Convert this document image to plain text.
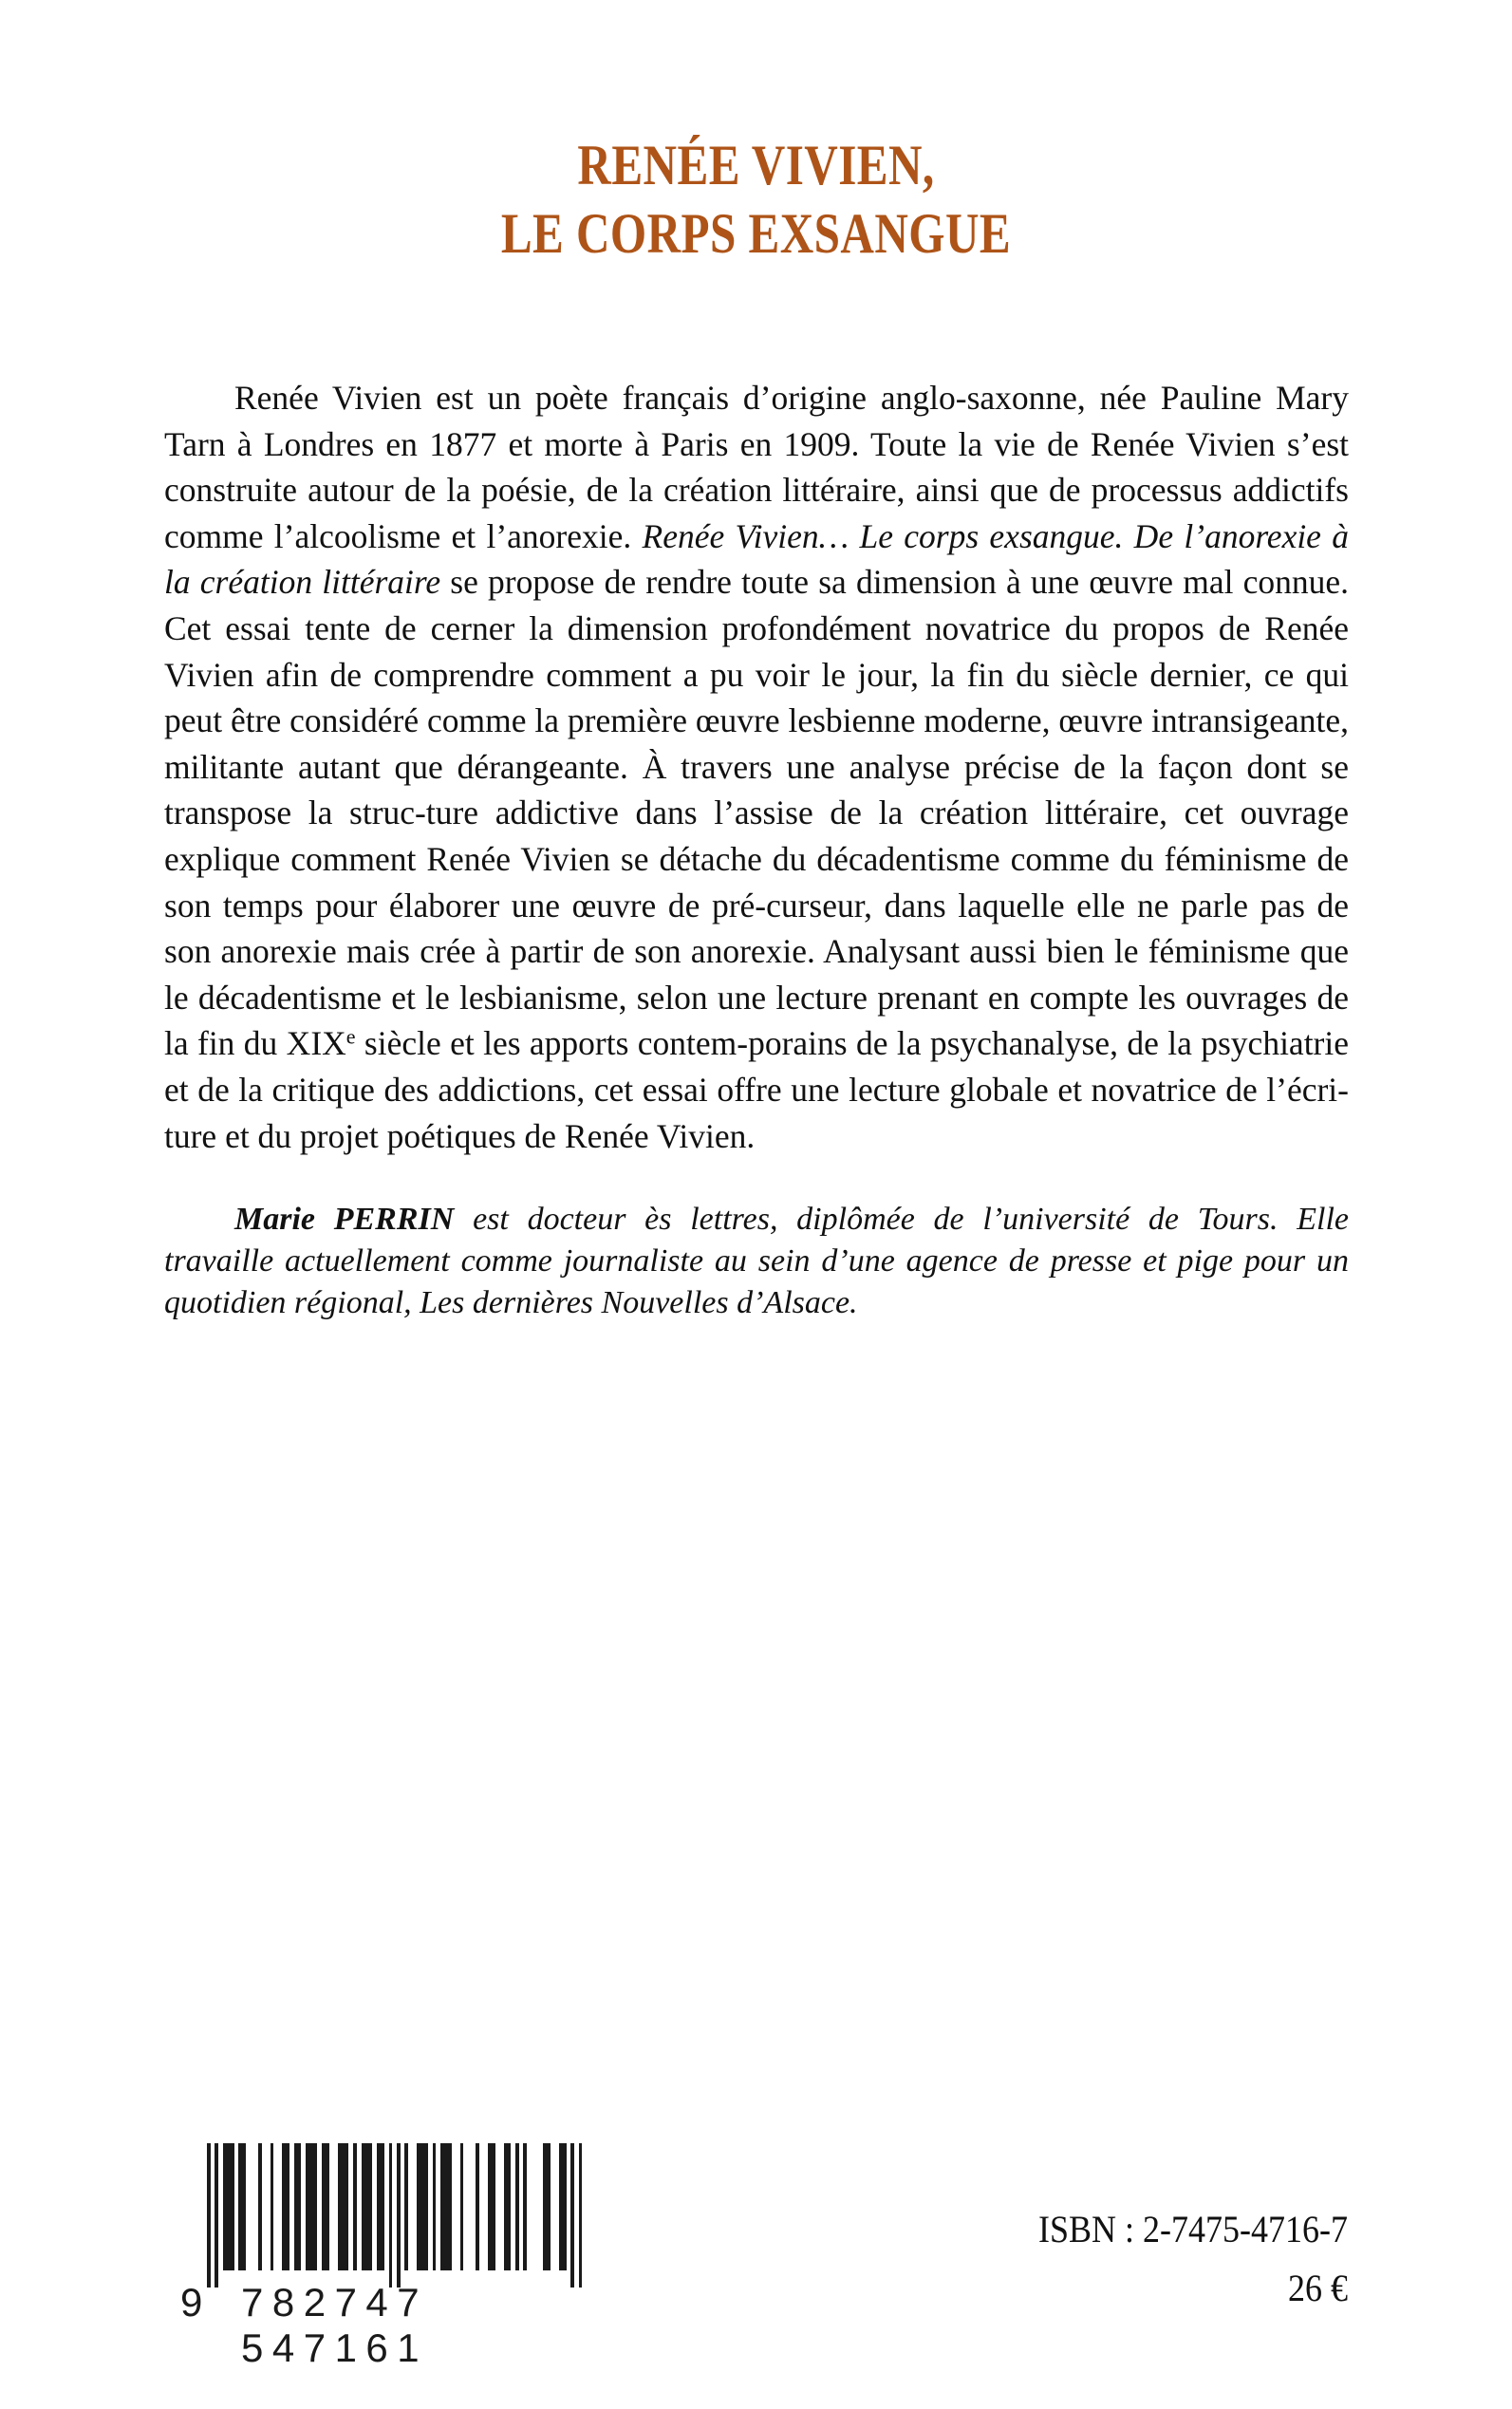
RENÉE VIVIEN,
LE CORPS EXSANGUE

Renée Vivien est un poète français d’origine anglo-saxonne, née Pauline Mary Tarn à Londres en 1877 et morte à Paris en 1909. Toute la vie de Renée Vivien s’est construite autour de la poésie, de la création littéraire, ainsi que de processus addictifs comme l’alcoolisme et l’anorexie. Renée Vivien… Le corps exsangue. De l’anorexie à la création littéraire se propose de rendre toute sa dimension à une œuvre mal connue. Cet essai tente de cerner la dimension profondément novatrice du propos de Renée Vivien afin de comprendre comment a pu voir le jour, la fin du siècle dernier, ce qui peut être considéré comme la première œuvre lesbienne moderne, œuvre intransigeante, militante autant que dérangeante. À travers une analyse précise de la façon dont se transpose la struc-ture addictive dans l’assise de la création littéraire, cet ouvrage explique comment Renée Vivien se détache du décadentisme comme du féminisme de son temps pour élaborer une œuvre de pré-curseur, dans laquelle elle ne parle pas de son anorexie mais crée à partir de son anorexie. Analysant aussi bien le féminisme que le décadentisme et le lesbianisme, selon une lecture prenant en compte les ouvrages de la fin du XIXe siècle et les apports contem-porains de la psychanalyse, de la psychiatrie et de la critique des addictions, cet essai offre une lecture globale et novatrice de l’écri-ture et du projet poétiques de Renée Vivien.

Marie PERRIN est docteur ès lettres, diplômée de l’université de Tours. Elle travaille actuellement comme journaliste au sein d’une agence de presse et pige pour un quotidien régional, Les dernières Nouvelles d’Alsace.

9 782747 547161
ISBN : 2-7475-4716-7
26 €
